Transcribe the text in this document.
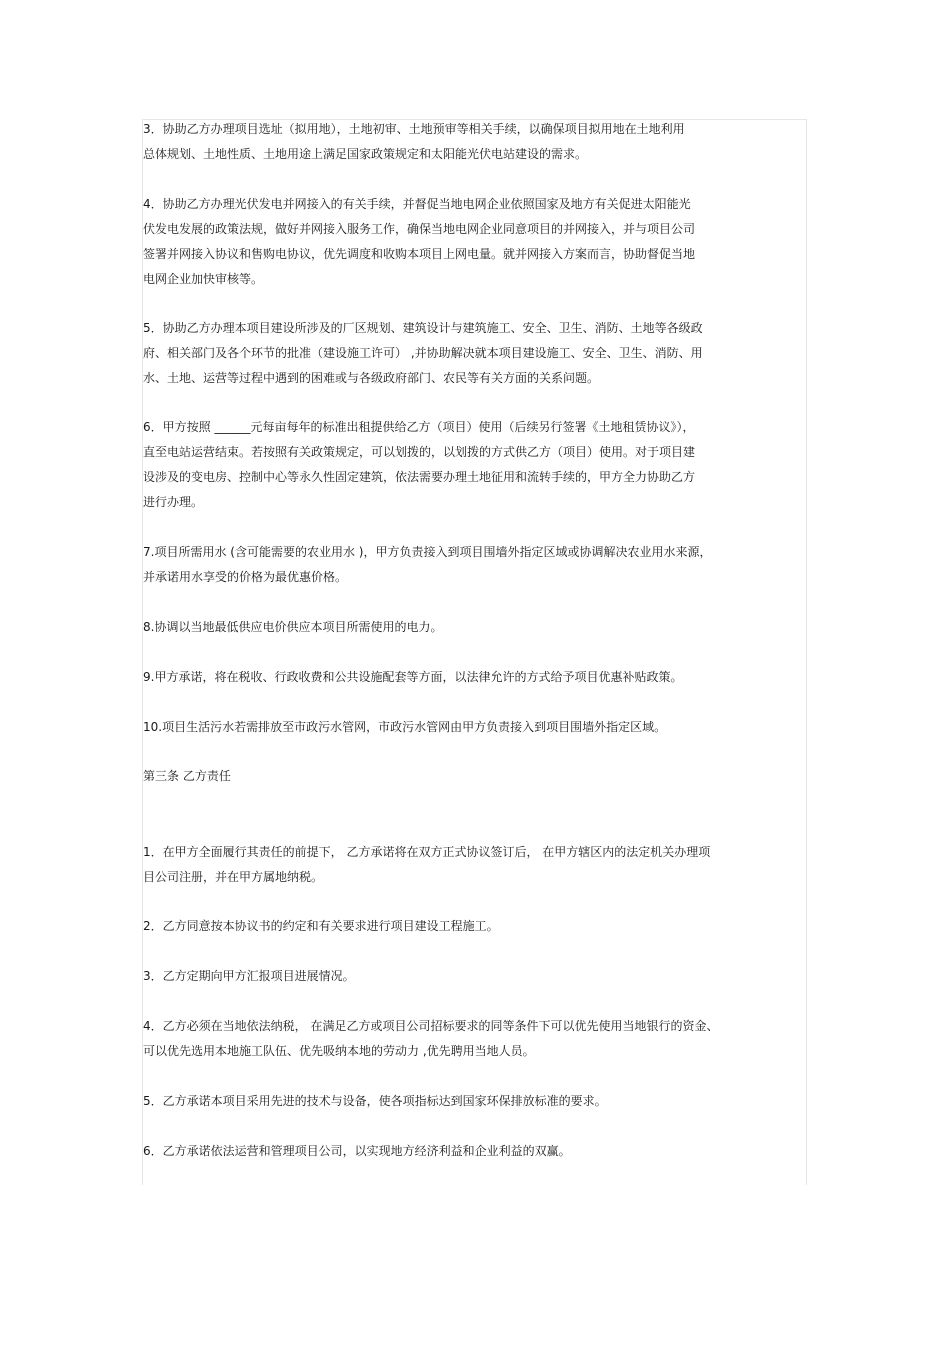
3．协助乙方办理项目选址（拟用地），土地初审、土地预审等相关手续，以确保项目拟用地在土地利用
总体规划、土地性质、土地用途上满足国家政策规定和太阳能光伏电站建设的需求。
4．协助乙方办理光伏发电并网接入的有关手续，并督促当地电网企业依照国家及地方有关促进太阳能光
伏发电发展的政策法规，做好并网接入服务工作，确保当地电网企业同意项目的并网接入，并与项目公司
签署并网接入协议和售购电协议，优先调度和收购本项目上网电量。就并网接入方案而言，协助督促当地
电网企业加快审核等。
5．协助乙方办理本项目建设所涉及的厂区规划、建筑设计与建筑施工、安全、卫生、消防、土地等各级政
府、相关部门及各个环节的批准（建设施工许可） ,并协助解决就本项目建设施工、安全、卫生、消防、用
水、土地、运营等过程中遇到的困难或与各级政府部门、农民等有关方面的关系问题。
6．甲方按照 ______元每亩每年的标准出租提供给乙方（项目）使用（后续另行签署《土地租赁协议》），
直至电站运营结束。若按照有关政策规定，可以划拨的，以划拨的方式供乙方（项目）使用。对于项目建
设涉及的变电房、控制中心等永久性固定建筑，依法需要办理土地征用和流转手续的，甲方全力协助乙方
进行办理。
7.项目所需用水 (含可能需要的农业用水 )，甲方负责接入到项目围墙外指定区域或协调解决农业用水来源，
并承诺用水享受的价格为最优惠价格。
8.协调以当地最低供应电价供应本项目所需使用的电力。
9.甲方承诺，将在税收、行政收费和公共设施配套等方面，以法律允许的方式给予项目优惠补贴政策。
10.项目生活污水若需排放至市政污水管网，市政污水管网由甲方负责接入到项目围墙外指定区域。
第三条 乙方责任
1．在甲方全面履行其责任的前提下， 乙方承诺将在双方正式协议签订后， 在甲方辖区内的法定机关办理项
目公司注册，并在甲方属地纳税。
2．乙方同意按本协议书的约定和有关要求进行项目建设工程施工。
3．乙方定期向甲方汇报项目进展情况。
4．乙方必须在当地依法纳税， 在满足乙方或项目公司招标要求的同等条件下可以优先使用当地银行的资金、
可以优先选用本地施工队伍、优先吸纳本地的劳动力 ,优先聘用当地人员。
5．乙方承诺本项目采用先进的技术与设备，使各项指标达到国家环保排放标准的要求。
6．乙方承诺依法运营和管理项目公司，以实现地方经济利益和企业利益的双赢。
